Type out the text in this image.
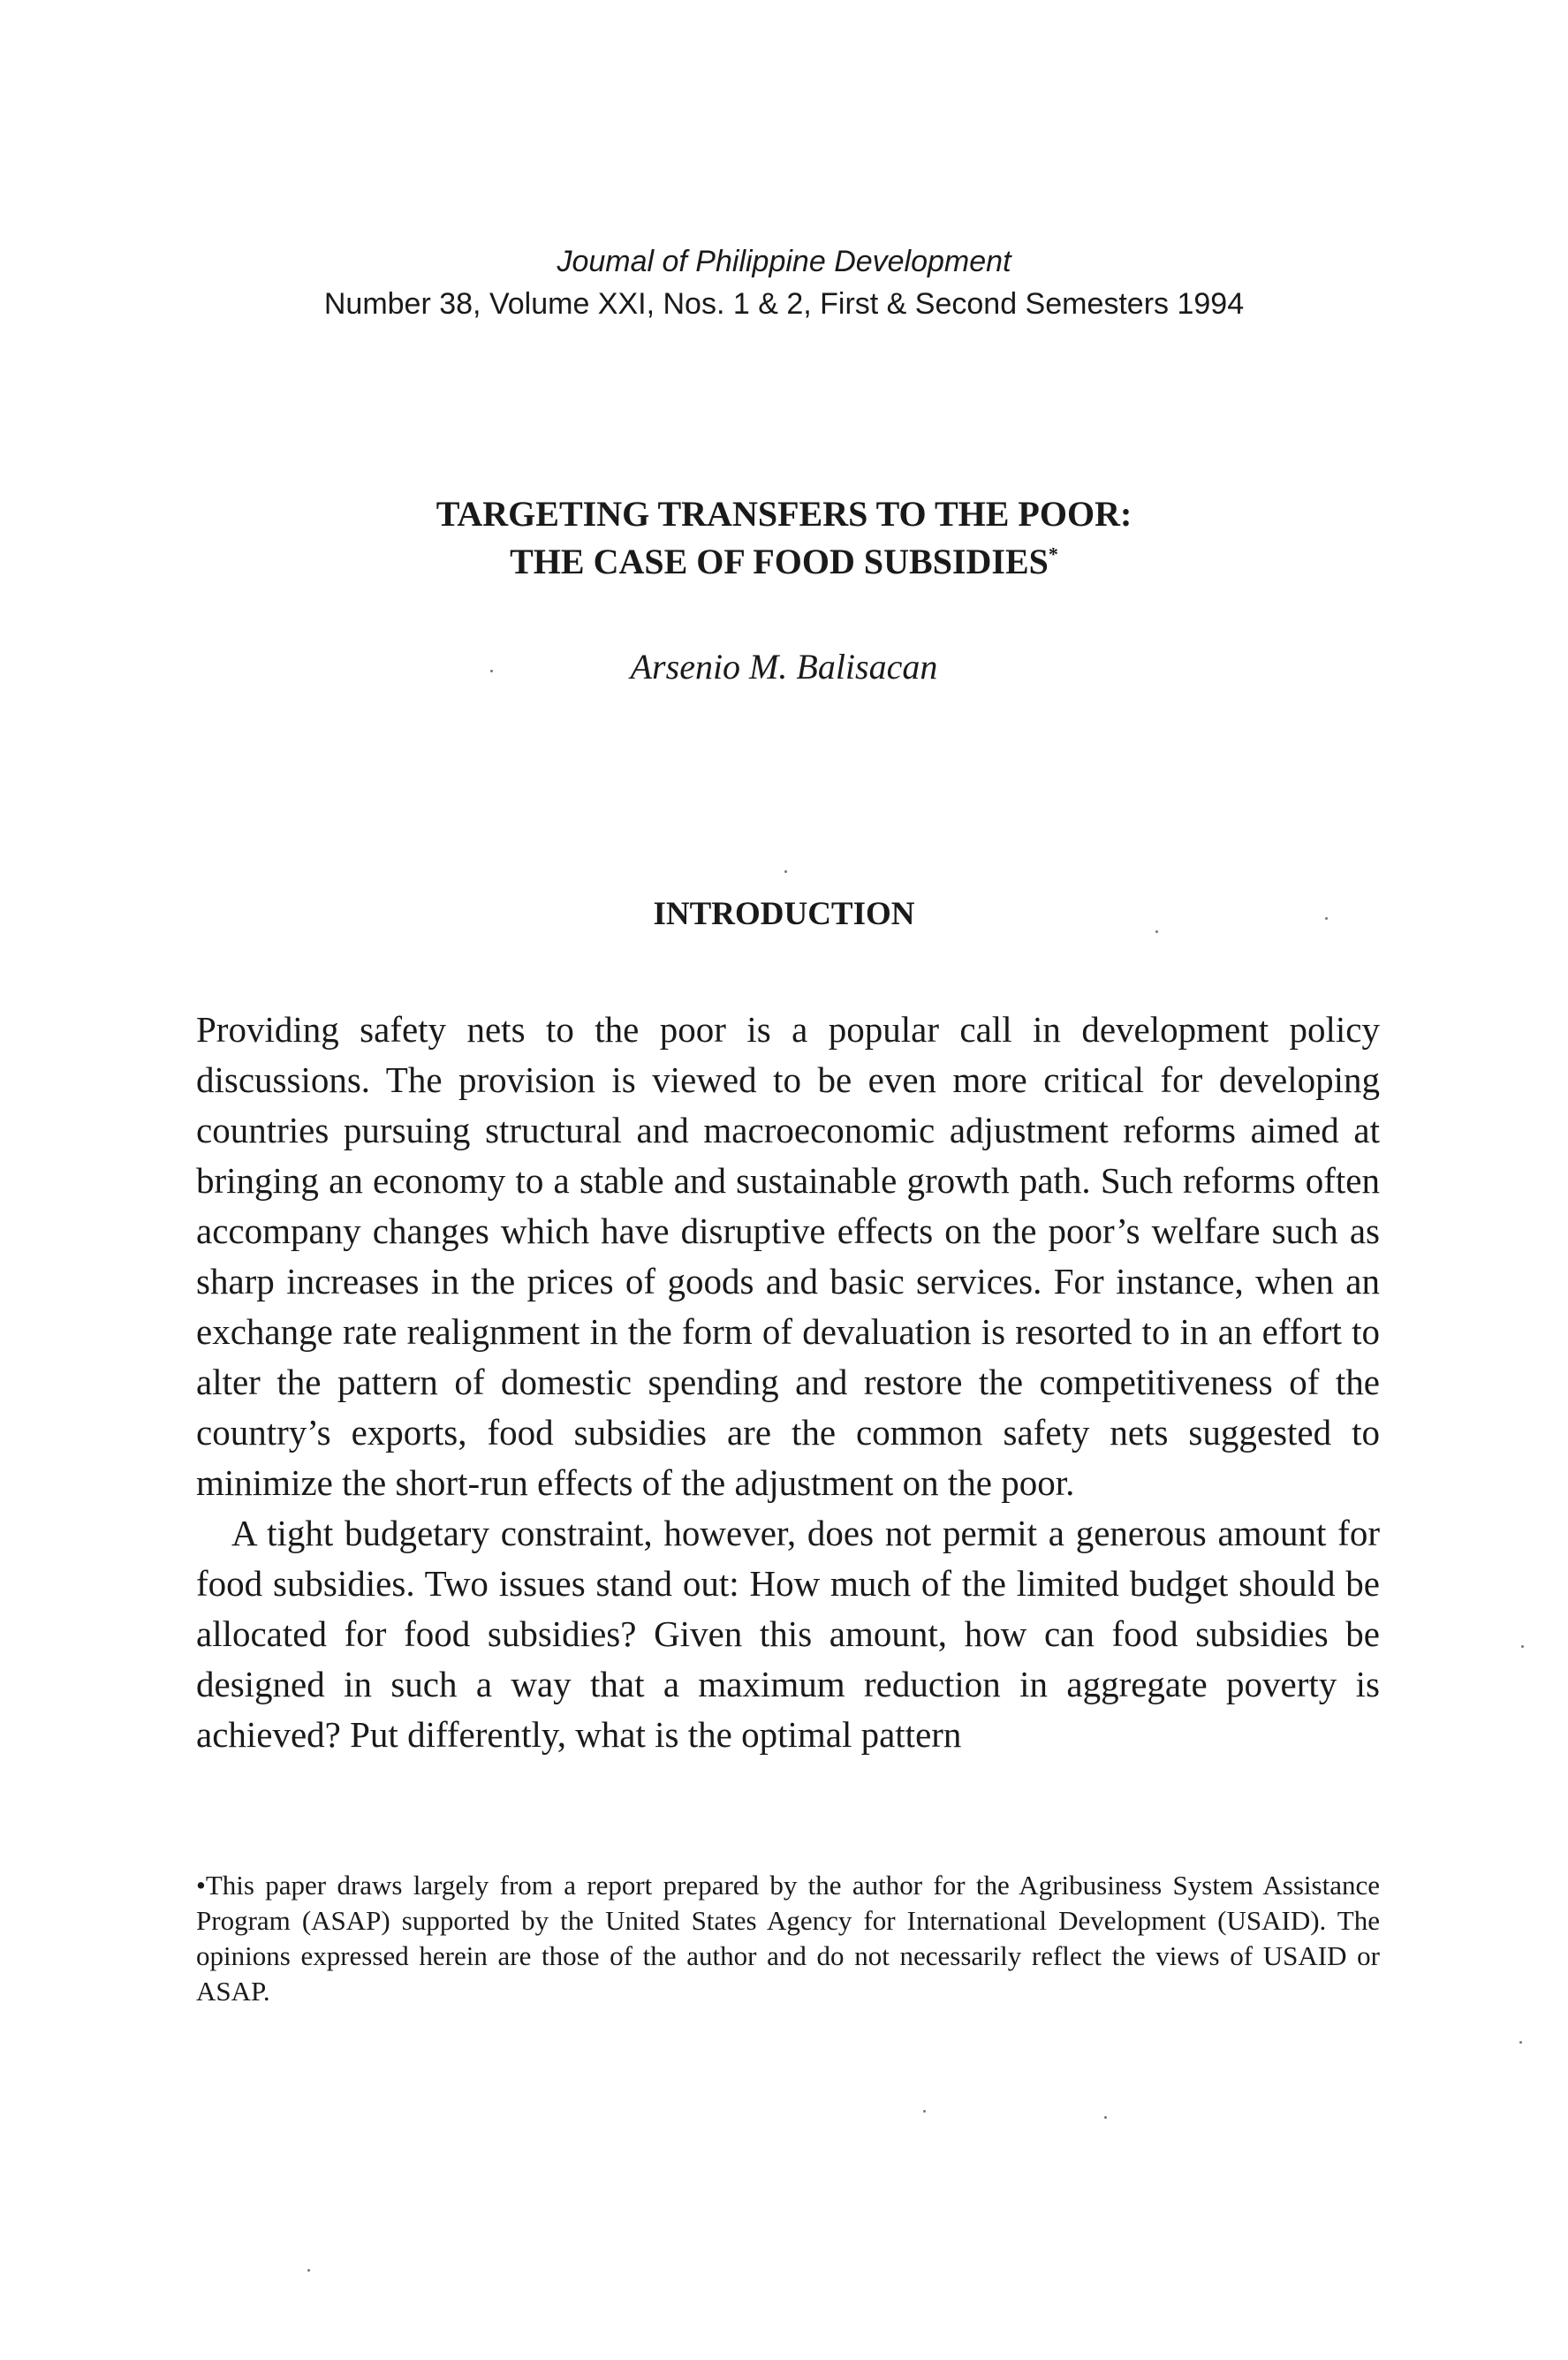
Joumal of Philippine Development
Number 38, Volume XXI, Nos. 1 & 2, First & Second Semesters 1994
TARGETING TRANSFERS TO THE POOR:
THE CASE OF FOOD SUBSIDIES*
Arsenio M. Balisacan
INTRODUCTION

Providing safety nets to the poor is a popular call in development policy discussions. The provision is viewed to be even more critical for developing countries pursuing structural and macroeconomic adjustment reforms aimed at bringing an economy to a stable and sustainable growth path. Such reforms often accompany changes which have disruptive effects on the poor’s welfare such as sharp increases in the prices of goods and basic services. For instance, when an exchange rate realignment in the form of devaluation is resorted to in an effort to alter the pattern of domestic spending and restore the competitiveness of the country’s exports, food subsidies are the common safety nets suggested to minimize the short-run effects of the adjustment on the poor.

A tight budgetary constraint, however, does not permit a generous amount for food subsidies. Two issues stand out: How much of the limited budget should be allocated for food subsidies? Given this amount, how can food subsidies be designed in such a way that a maximum reduction in aggregate poverty is achieved? Put differently, what is the optimal pattern

•This paper draws largely from a report prepared by the author for the Agribusiness System Assistance Program (ASAP) supported by the United States Agency for International Development (USAID). The opinions expressed herein are those of the author and do not necessarily reflect the views of USAID or ASAP.
